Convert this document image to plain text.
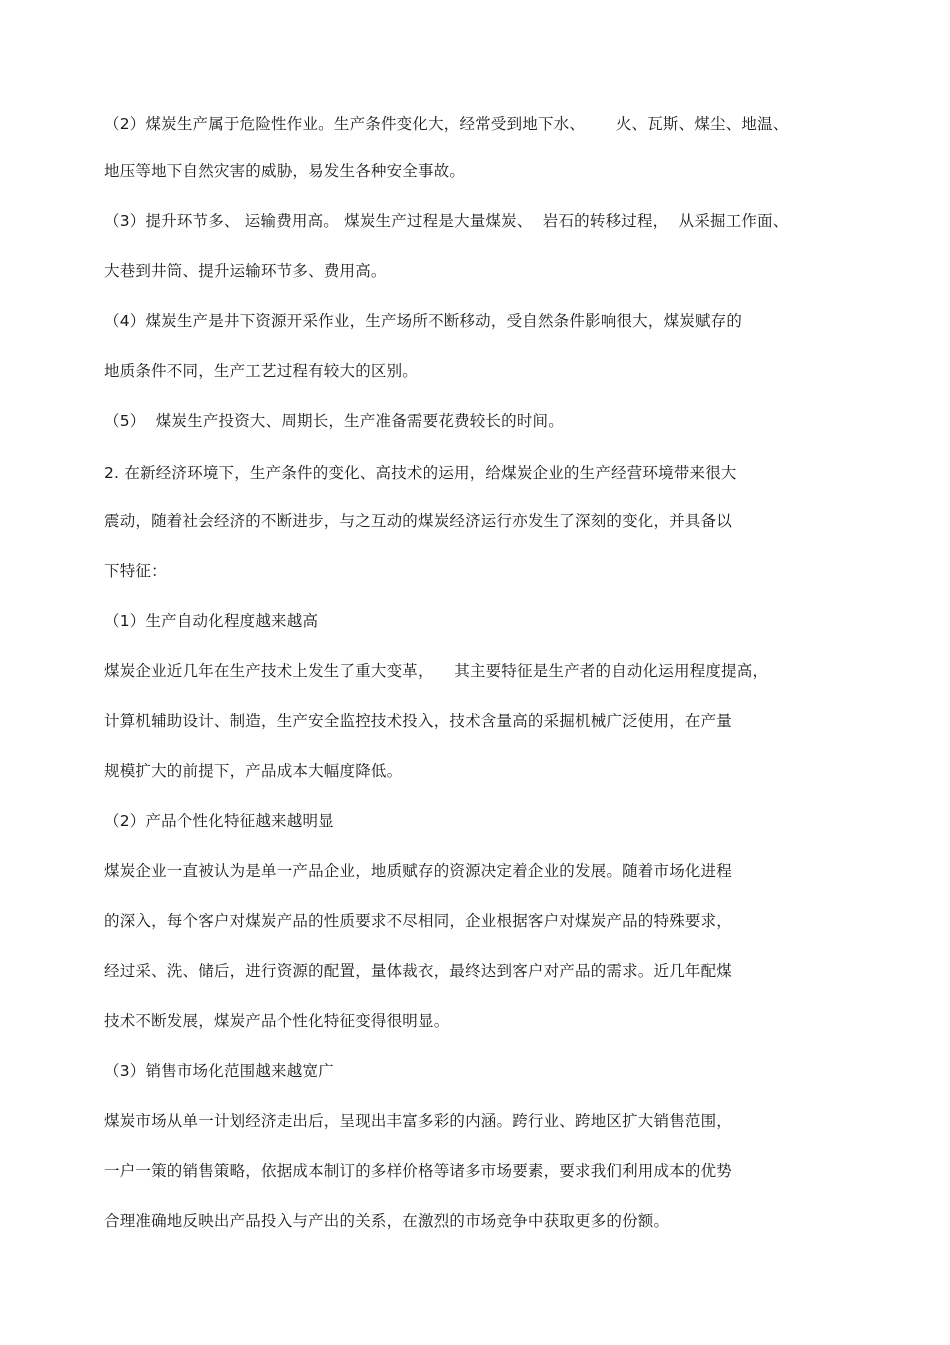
（2）煤炭生产属于危险性作业。生产条件变化大，经常受到地下水、      火、瓦斯、煤尘、地温、
地压等地下自然灾害的威胁，易发生各种安全事故。
（3）提升环节多、 运输费用高。 煤炭生产过程是大量煤炭、  岩石的转移过程，  从采掘工作面、
大巷到井筒、提升运输环节多、费用高。
（4）煤炭生产是井下资源开采作业，生产场所不断移动，受自然条件影响很大，煤炭赋存的
地质条件不同，生产工艺过程有较大的区别。
（5）  煤炭生产投资大、周期长，生产准备需要花费较长的时间。
2. 在新经济环境下，生产条件的变化、高技术的运用，给煤炭企业的生产经营环境带来很大
震动，随着社会经济的不断进步，与之互动的煤炭经济运行亦发生了深刻的变化，并具备以
下特征：
（1）生产自动化程度越来越高
煤炭企业近几年在生产技术上发生了重大变革，    其主要特征是生产者的自动化运用程度提高，
计算机辅助设计、制造，生产安全监控技术投入，技术含量高的采掘机械广泛使用，在产量
规模扩大的前提下，产品成本大幅度降低。
（2）产品个性化特征越来越明显
煤炭企业一直被认为是单一产品企业，地质赋存的资源决定着企业的发展。随着市场化进程
的深入，每个客户对煤炭产品的性质要求不尽相同，企业根据客户对煤炭产品的特殊要求，
经过采、洗、储后，进行资源的配置，量体裁衣，最终达到客户对产品的需求。近几年配煤
技术不断发展，煤炭产品个性化特征变得很明显。
（3）销售市场化范围越来越宽广
煤炭市场从单一计划经济走出后，呈现出丰富多彩的内涵。跨行业、跨地区扩大销售范围，
一户一策的销售策略，依据成本制订的多样价格等诸多市场要素，要求我们利用成本的优势
合理准确地反映出产品投入与产出的关系，在激烈的市场竞争中获取更多的份额。
